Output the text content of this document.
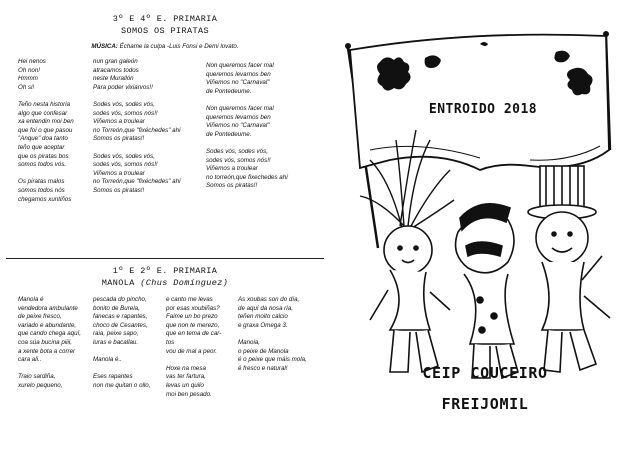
3º E 4º E. PRIMARIA
SOMOS OS PIRATAS
MÚSICA: Échame la culpa -Luis Fonsi e Demi lovato.
Hei nenos
Oh non!
Hmmm
Oh si!
Teño nesta historia
algo que confesar
xa entendin moi ben
que foi o que pasou
"Anque" doa tanto
teño que aceptar
que os piratas bos
somos todos vós.
Os piratas malos
somos todos nós
chegamos xuntiños
nun gran galeón
atracamos todos
neste Murallón
Para poder vixiarvos!!
Sodes vós, sodes vós,
sodes vós, somos nós!!
Viñemos a troulear
no Torreón,que "fixéchedes" ahí
Somos os piratas!!
Sodes vós, sodes vós,
sodes vós, somos nós!!
Viñemos a troulear
no Torreón,que "fixéchedes" ahí
Somos os piratas!!
Non queremos facer mal
queremos levarnos ben
Viñemos no "Carnaval"
de Pontedeume.
Non queremos facer mal
queremos levarnos ben
Viñemos no "Carnaval"
de Pontedeume.
Sodes vós, sodes vós,
sodes vós, somos nós!!
Viñemos a troulear
no torreón,que fixechedes ahí
Somos os piratas!!
1º E 2º E. PRIMARIA
MANOLA (Chus Domínguez)
Manola é
vendedora ambulante
de peixe fresco,
variado e abundante,
que cando chega aquí,
coa súa bucina piiii,
a xente bota a correr
cara ali..
Traio sardiña,
xurelo pequeno,
pescada do pincho,
bonito de Burela,
fanecas e rapantes,
choco de Cesantes,
raia, peixe sapo,
luras e bacallau.
Manola é..
Eses rapantes
non me quitan o ollo,
e canto me levas
por esas xoubiñas?
Faime un bo prezo
que non te merezo,
que en tema de car-
tos
vou de mal a peor.
Hoxe na mesa
vas ter fartura,
levas un quilo
moi ben pesado.
As xoubas son do día,
de aquí da nosa ría,
teñen moito calcio
e graxa Omega 3.
Manola,
o peixe de Manola
é o peixe que máis mola,
é fresco e natural!
ENTROIDO 2018
CEIP COUCEIRO
FREIJOMIL
